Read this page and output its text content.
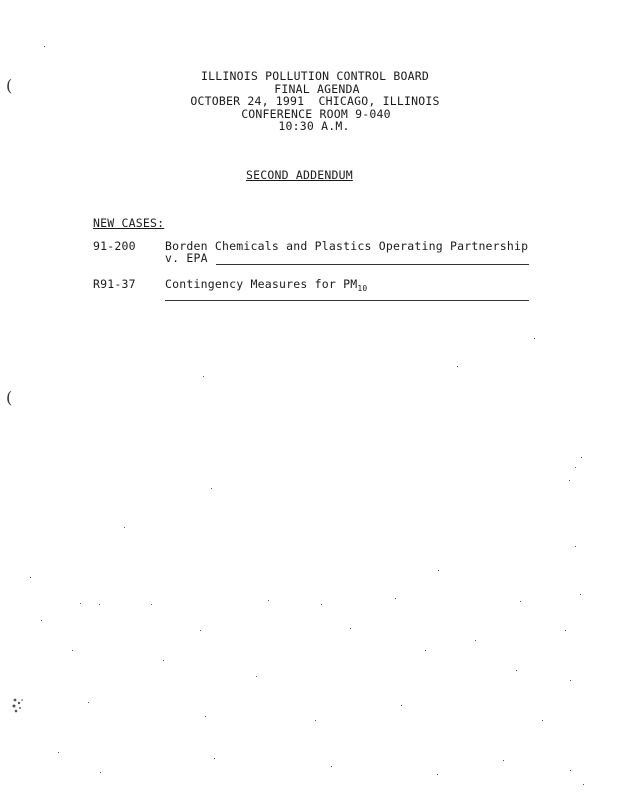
(
(
ILLINOIS POLLUTION CONTROL BOARD
FINAL AGENDA
OCTOBER 24, 1991  CHICAGO, ILLINOIS
CONFERENCE ROOM 9-040
10:30 A.M.
SECOND ADDENDUM
NEW CASES:
91-200	Borden Chemicals and Plastics Operating Partnership
v. EPA
R91-37	Contingency Measures for $PM_{10}$
